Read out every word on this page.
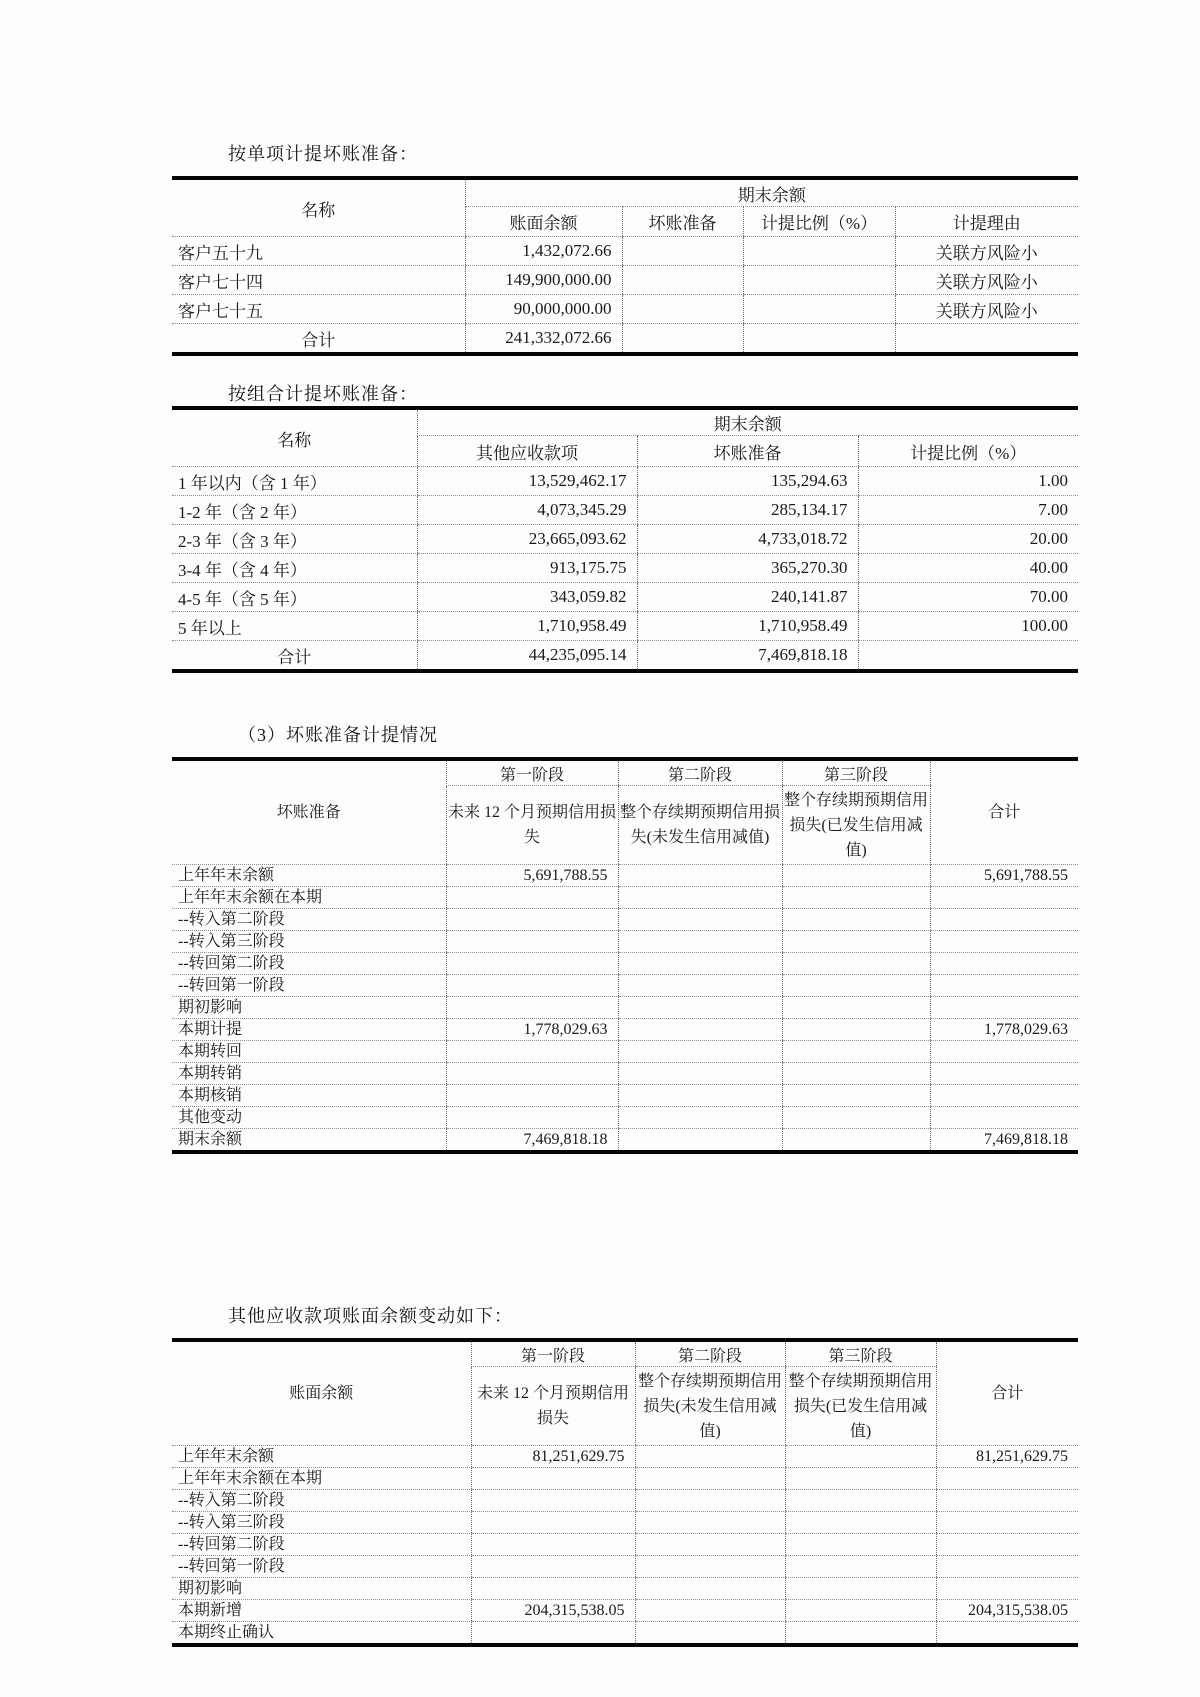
按单项计提坏账准备：
名称	期末余额			
	账面余额	坏账准备	计提比例（%）	计提理由
客户五十九	1,432,072.66			关联方风险小
客户七十四	149,900,000.00			关联方风险小
客户七十五	90,000,000.00			关联方风险小
合计	241,332,072.66			
按组合计提坏账准备：
名称	期末余额		
	其他应收款项	坏账准备	计提比例（%）
1 年以内（含 1 年）	13,529,462.17	135,294.63	1.00
1-2 年（含 2 年）	4,073,345.29	285,134.17	7.00
2-3 年（含 3 年）	23,665,093.62	4,733,018.72	20.00
3-4 年（含 4 年）	913,175.75	365,270.30	40.00
4-5 年（含 5 年）	343,059.82	240,141.87	70.00
5 年以上	1,710,958.49	1,710,958.49	100.00
合计	44,235,095.14	7,469,818.18	
（3）坏账准备计提情况
坏账准备	第一阶段	第二阶段	第三阶段	合计
	未来 12 个月预期信用损失	整个存续期预期信用损失(未发生信用减值)	整个存续期预期信用损失(已发生信用减值)	
上年年末余额	5,691,788.55			5,691,788.55
上年年末余额在本期				
--转入第二阶段				
--转入第三阶段				
--转回第二阶段				
--转回第一阶段				
期初影响				
本期计提	1,778,029.63			1,778,029.63
本期转回				
本期转销				
本期核销				
其他变动				
期末余额	7,469,818.18			7,469,818.18
其他应收款项账面余额变动如下：
账面余额	第一阶段	第二阶段	第三阶段	合计
	未来 12 个月预期信用损失	整个存续期预期信用损失(未发生信用减值)	整个存续期预期信用损失(已发生信用减值)	
上年年末余额	81,251,629.75			81,251,629.75
上年年末余额在本期				
--转入第二阶段				
--转入第三阶段				
--转回第二阶段				
--转回第一阶段				
期初影响				
本期新增	204,315,538.05			204,315,538.05
本期终止确认				
